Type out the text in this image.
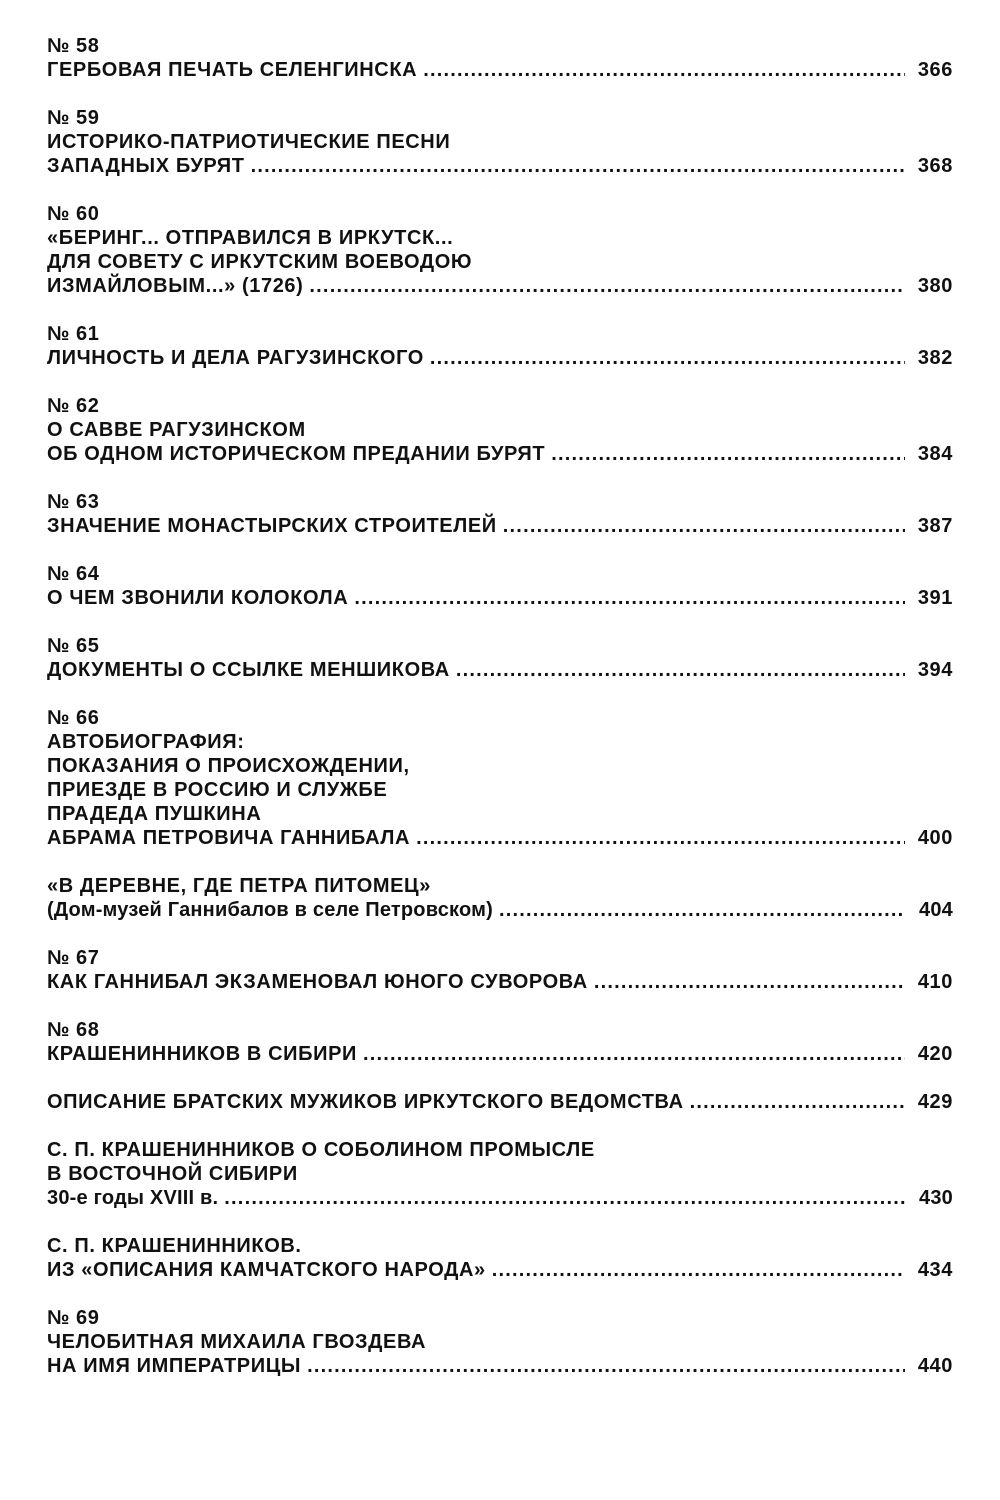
№ 58
ГЕРБОВАЯ ПЕЧАТЬ СЕЛЕНГИНСКА .....	366
№ 59
ИСТОРИКО-ПАТРИОТИЧЕСКИЕ ПЕСНИ
ЗАПАДНЫХ БУРЯТ .....	368
№ 60
«БЕРИНГ... ОТПРАВИЛСЯ В ИРКУТСК...
ДЛЯ СОВЕТУ С ИРКУТСКИМ ВОЕВОДОЮ
ИЗМАЙЛОВЫМ...» (1726) .....	380
№ 61
ЛИЧНОСТЬ И ДЕЛА РАГУЗИНСКОГО .....	382
№ 62
О САВВЕ РАГУЗИНСКОМ
ОБ ОДНОМ ИСТОРИЧЕСКОМ ПРЕДАНИИ БУРЯТ .....	384
№ 63
ЗНАЧЕНИЕ МОНАСТЫРСКИХ СТРОИТЕЛЕЙ .....	387
№ 64
О ЧЕМ ЗВОНИЛИ КОЛОКОЛА .....	391
№ 65
ДОКУМЕНТЫ О ССЫЛКЕ МЕНШИКОВА .....	394
№ 66
АВТОБИОГРАФИЯ:
ПОКАЗАНИЯ О ПРОИСХОЖДЕНИИ,
ПРИЕЗДЕ В РОССИЮ И СЛУЖБЕ
ПРАДЕДА ПУШКИНА
АБРАМА ПЕТРОВИЧА ГАННИБАЛА .....	400
«В ДЕРЕВНЕ, ГДЕ ПЕТРА ПИТОМЕЦ»
(Дом-музей Ганнибалов в селе Петровском) .....	404
№ 67
КАК ГАННИБАЛ ЭКЗАМЕНОВАЛ ЮНОГО СУВОРОВА .....	410
№ 68
КРАШЕНИННИКОВ В СИБИРИ .....	420
ОПИСАНИЕ БРАТСКИХ МУЖИКОВ ИРКУТСКОГО ВЕДОМСТВА .....	429
С. П. КРАШЕНИННИКОВ О СОБОЛИНОМ ПРОМЫСЛЕ
В ВОСТОЧНОЙ СИБИРИ
30-е годы XVIII в. .....	430
С. П. КРАШЕНИННИКОВ.
ИЗ «ОПИСАНИЯ КАМЧАТСКОГО НАРОДА» .....	434
№ 69
ЧЕЛОБИТНАЯ МИХАИЛА ГВОЗДЕВА
НА ИМЯ ИМПЕРАТРИЦЫ .....	440
